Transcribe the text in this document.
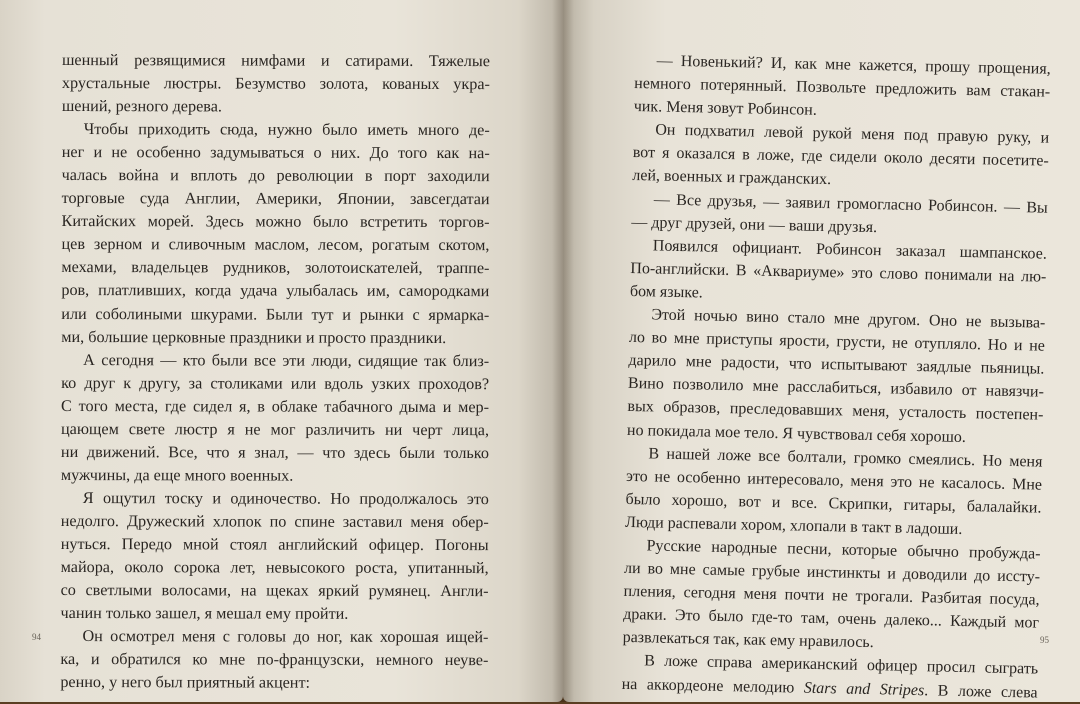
шенный резвящимися нимфами и сатирами. Тяжелые
хрустальные люстры. Безумство золота, кованых укра-
шений, резного дерева.
Чтобы приходить сюда, нужно было иметь много де-
нег и не особенно задумываться о них. До того как на-
чалась война и вплоть до революции в порт заходили
торговые суда Англии, Америки, Японии, завсегдатаи
Китайских морей. Здесь можно было встретить торгов-
цев зерном и сливочным маслом, лесом, рогатым скотом,
мехами, владельцев рудников, золотоискателей, траппе-
ров, платливших, когда удача улыбалась им, самородками
или соболиными шкурами. Были тут и рынки с ярмарка-
ми, большие церковные праздники и просто праздники.
А сегодня — кто были все эти люди, сидящие так близ-
ко друг к другу, за столиками или вдоль узких проходов?
С того места, где сидел я, в облаке табачного дыма и мер-
цающем свете люстр я не мог различить ни черт лица,
ни движений. Все, что я знал, — что здесь были только
мужчины, да еще много военных.
Я ощутил тоску и одиночество. Но продолжалось это
недолго. Дружеский хлопок по спине заставил меня обер-
нуться. Передо мной стоял английский офицер. Погоны
майора, около сорока лет, невысокого роста, упитанный,
со светлыми волосами, на щеках яркий румянец. Англи-
чанин только зашел, я мешал ему пройти.
Он осмотрел меня с головы до ног, как хорошая ищей-
ка, и обратился ко мне по-французски, немного неуве-
ренно, у него был приятный акцент:
94
— Новенький? И, как мне кажется, прошу прощения,
немного потерянный. Позвольте предложить вам стакан-
чик. Меня зовут Робинсон.
Он подхватил левой рукой меня под правую руку, и
вот я оказался в ложе, где сидели около десяти посетите-
лей, военных и гражданских.
— Все друзья, — заявил громогласно Робинсон. — Вы
— друг друзей, они — ваши друзья.
Появился официант. Робинсон заказал шампанское.
По-английски. В «Аквариуме» это слово понимали на лю-
бом языке.
Этой ночью вино стало мне другом. Оно не вызыва-
ло во мне приступы ярости, грусти, не отупляло. Но и не
дарило мне радости, что испытывают заядлые пьяницы.
Вино позволило мне расслабиться, избавило от навязчи-
вых образов, преследовавших меня, усталость постепен-
но покидала мое тело. Я чувствовал себя хорошо.
В нашей ложе все болтали, громко смеялись. Но меня
это не особенно интересовало, меня это не касалось. Мне
было хорошо, вот и все. Скрипки, гитары, балалайки.
Люди распевали хором, хлопали в такт в ладоши.
Русские народные песни, которые обычно пробужда-
ли во мне самые грубые инстинкты и доводили до иссту-
пления, сегодня меня почти не трогали. Разбитая посуда,
драки. Это было где-то там, очень далеко... Каждый мог
развлекаться так, как ему нравилось.
В ложе справа американский офицер просил сыграть
на аккордеоне мелодию Stars and Stripes. В ложе слева
95
